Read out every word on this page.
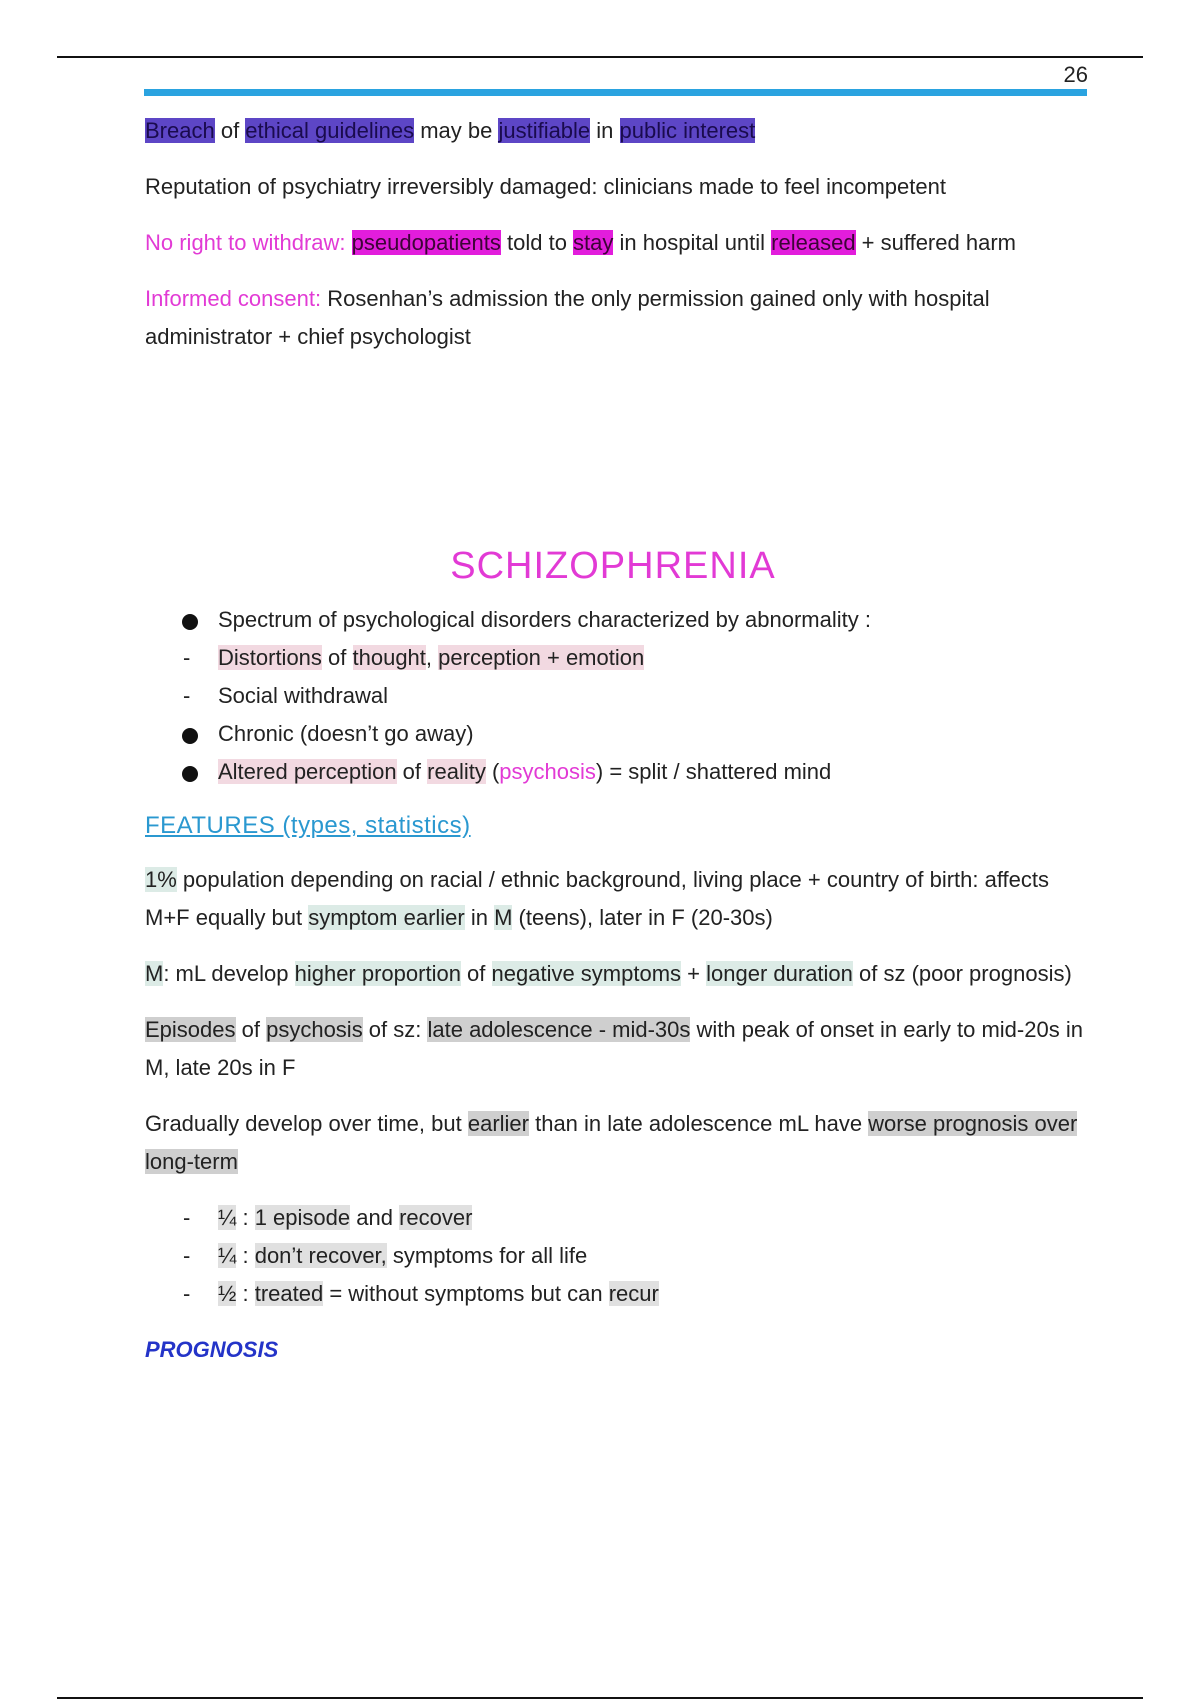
26

Breach of ethical guidelines may be justifiable in public interest

Reputation of psychiatry irreversibly damaged: clinicians made to feel incompetent

No right to withdraw: pseudopatients told to stay in hospital until released + suffered harm

Informed consent: Rosenhan’s admission the only permission gained only with hospital administrator + chief psychologist

SCHIZOPHRENIA
Spectrum of psychological disorders characterized by abnormality :
- Distortions of thought, perception + emotion
- Social withdrawal
Chronic (doesn’t go away)
Altered perception of reality (psychosis) = split / shattered mind
FEATURES (types, statistics)

1% population depending on racial / ethnic background, living place + country of birth: affects M+F equally but symptom earlier in M (teens), later in F (20-30s)

M: mL develop higher proportion of negative symptoms + longer duration of sz (poor prognosis)

Episodes of psychosis of sz: late adolescence - mid-30s with peak of onset in early to mid-20s in M, late 20s in F

Gradually develop over time, but earlier than in late adolescence mL have worse prognosis over long-term

- ¼ : 1 episode and recover
- ¼ : don’t recover, symptoms for all life
- ½ : treated = without symptoms but can recur

PROGNOSIS
